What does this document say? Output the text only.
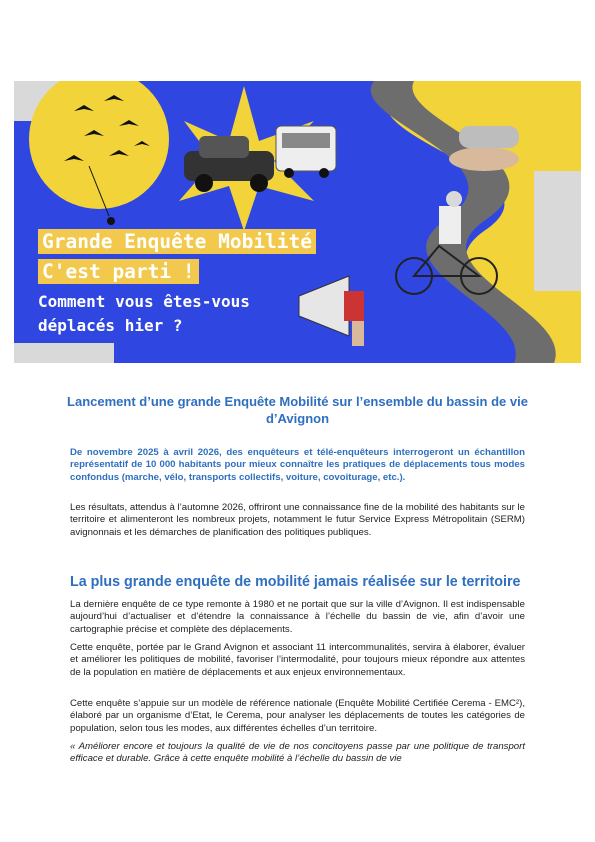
Grande Enquête Mobilité
C'est parti !
Comment vous êtes-vous déplacés hier ?
Lancement d’une grande Enquête Mobilité sur l’ensemble du bassin de vie d’Avignon
De novembre 2025 à avril 2026, des enquêteurs et télé-enquêteurs interrogeront un échantillon représentatif de 10 000 habitants pour mieux connaître les pratiques de déplacements tous modes confondus (marche, vélo, transports collectifs, voiture, covoiturage, etc.).
Les résultats, attendus à l’automne 2026, offriront une connaissance fine de la mobilité des habitants sur le territoire et alimenteront les nombreux projets, notamment le futur Service Express Métropolitain (SERM) avignonnais et les démarches de planification des politiques publiques.
La plus grande enquête de mobilité jamais réalisée sur le territoire
La dernière enquête de ce type remonte à 1980 et ne portait que sur la ville d’Avignon. Il est indispensable aujourd’hui d’actualiser et d’étendre la connaissance à l’échelle du bassin de vie, afin d’avoir une cartographie précise et complète des déplacements.
Cette enquête, portée par le Grand Avignon et associant 11 intercommunalités, servira à élaborer, évaluer et améliorer les politiques de mobilité, favoriser l’intermodalité, pour toujours mieux répondre aux attentes de la population en matière de déplacements et aux enjeux environnementaux.
Cette enquête s’appuie sur un modèle de référence nationale (Enquête Mobilité Certifiée Cerema - EMC²), élaboré par un organisme d’Etat, le Cerema, pour analyser les déplacements de toutes les catégories de population, selon tous les modes, aux différentes échelles d’un territoire.
« Améliorer encore et toujours la qualité de vie de nos concitoyens passe par une politique de transport efficace et durable. Grâce à cette enquête mobilité à l’échelle du bassin de vie
